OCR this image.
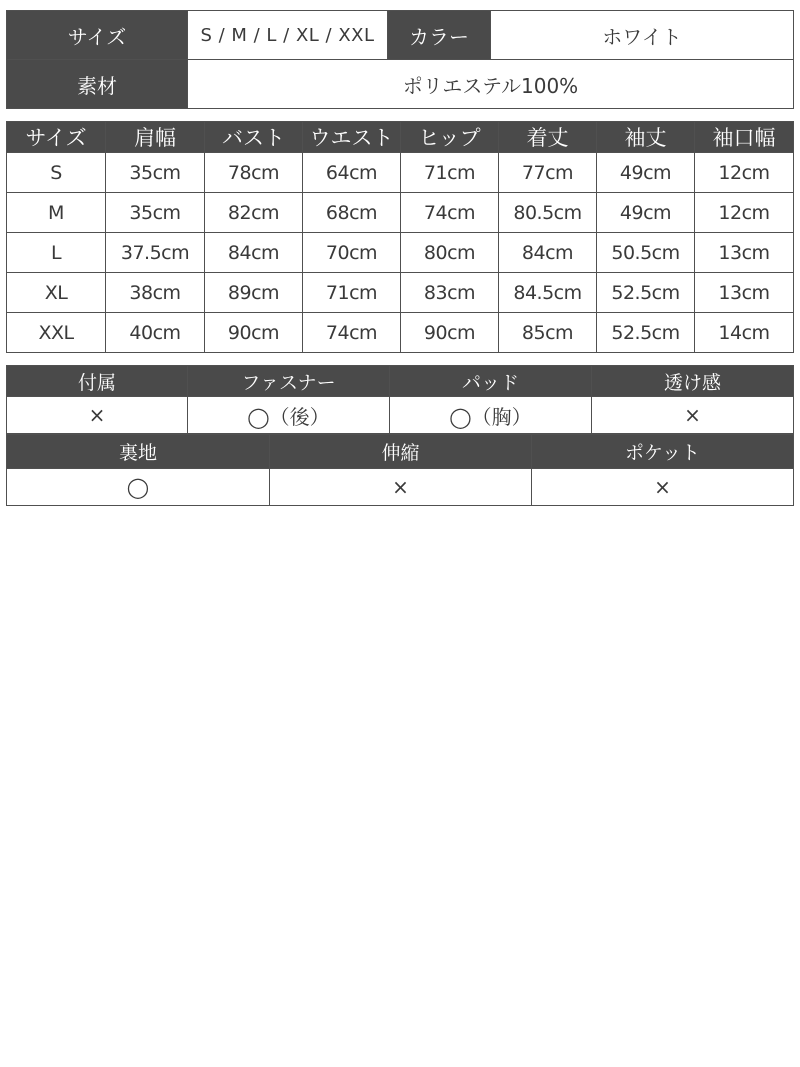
サイズ	S / M / L / XL / XXL	カラー	ホワイト
素材	ポリエステル100%		
サイズ	肩幅	バスト	ウエスト	ヒップ	着丈	袖丈	袖口幅
S	35cm	78cm	64cm	71cm	77cm	49cm	12cm
M	35cm	82cm	68cm	74cm	80.5cm	49cm	12cm
L	37.5cm	84cm	70cm	80cm	84cm	50.5cm	13cm
XL	38cm	89cm	71cm	83cm	84.5cm	52.5cm	13cm
XXL	40cm	90cm	74cm	90cm	85cm	52.5cm	14cm
付属	ファスナー	パッド	透け感
×	◯（後）	◯（胸）	×
裏地	伸縮	ポケット
◯	×	×
